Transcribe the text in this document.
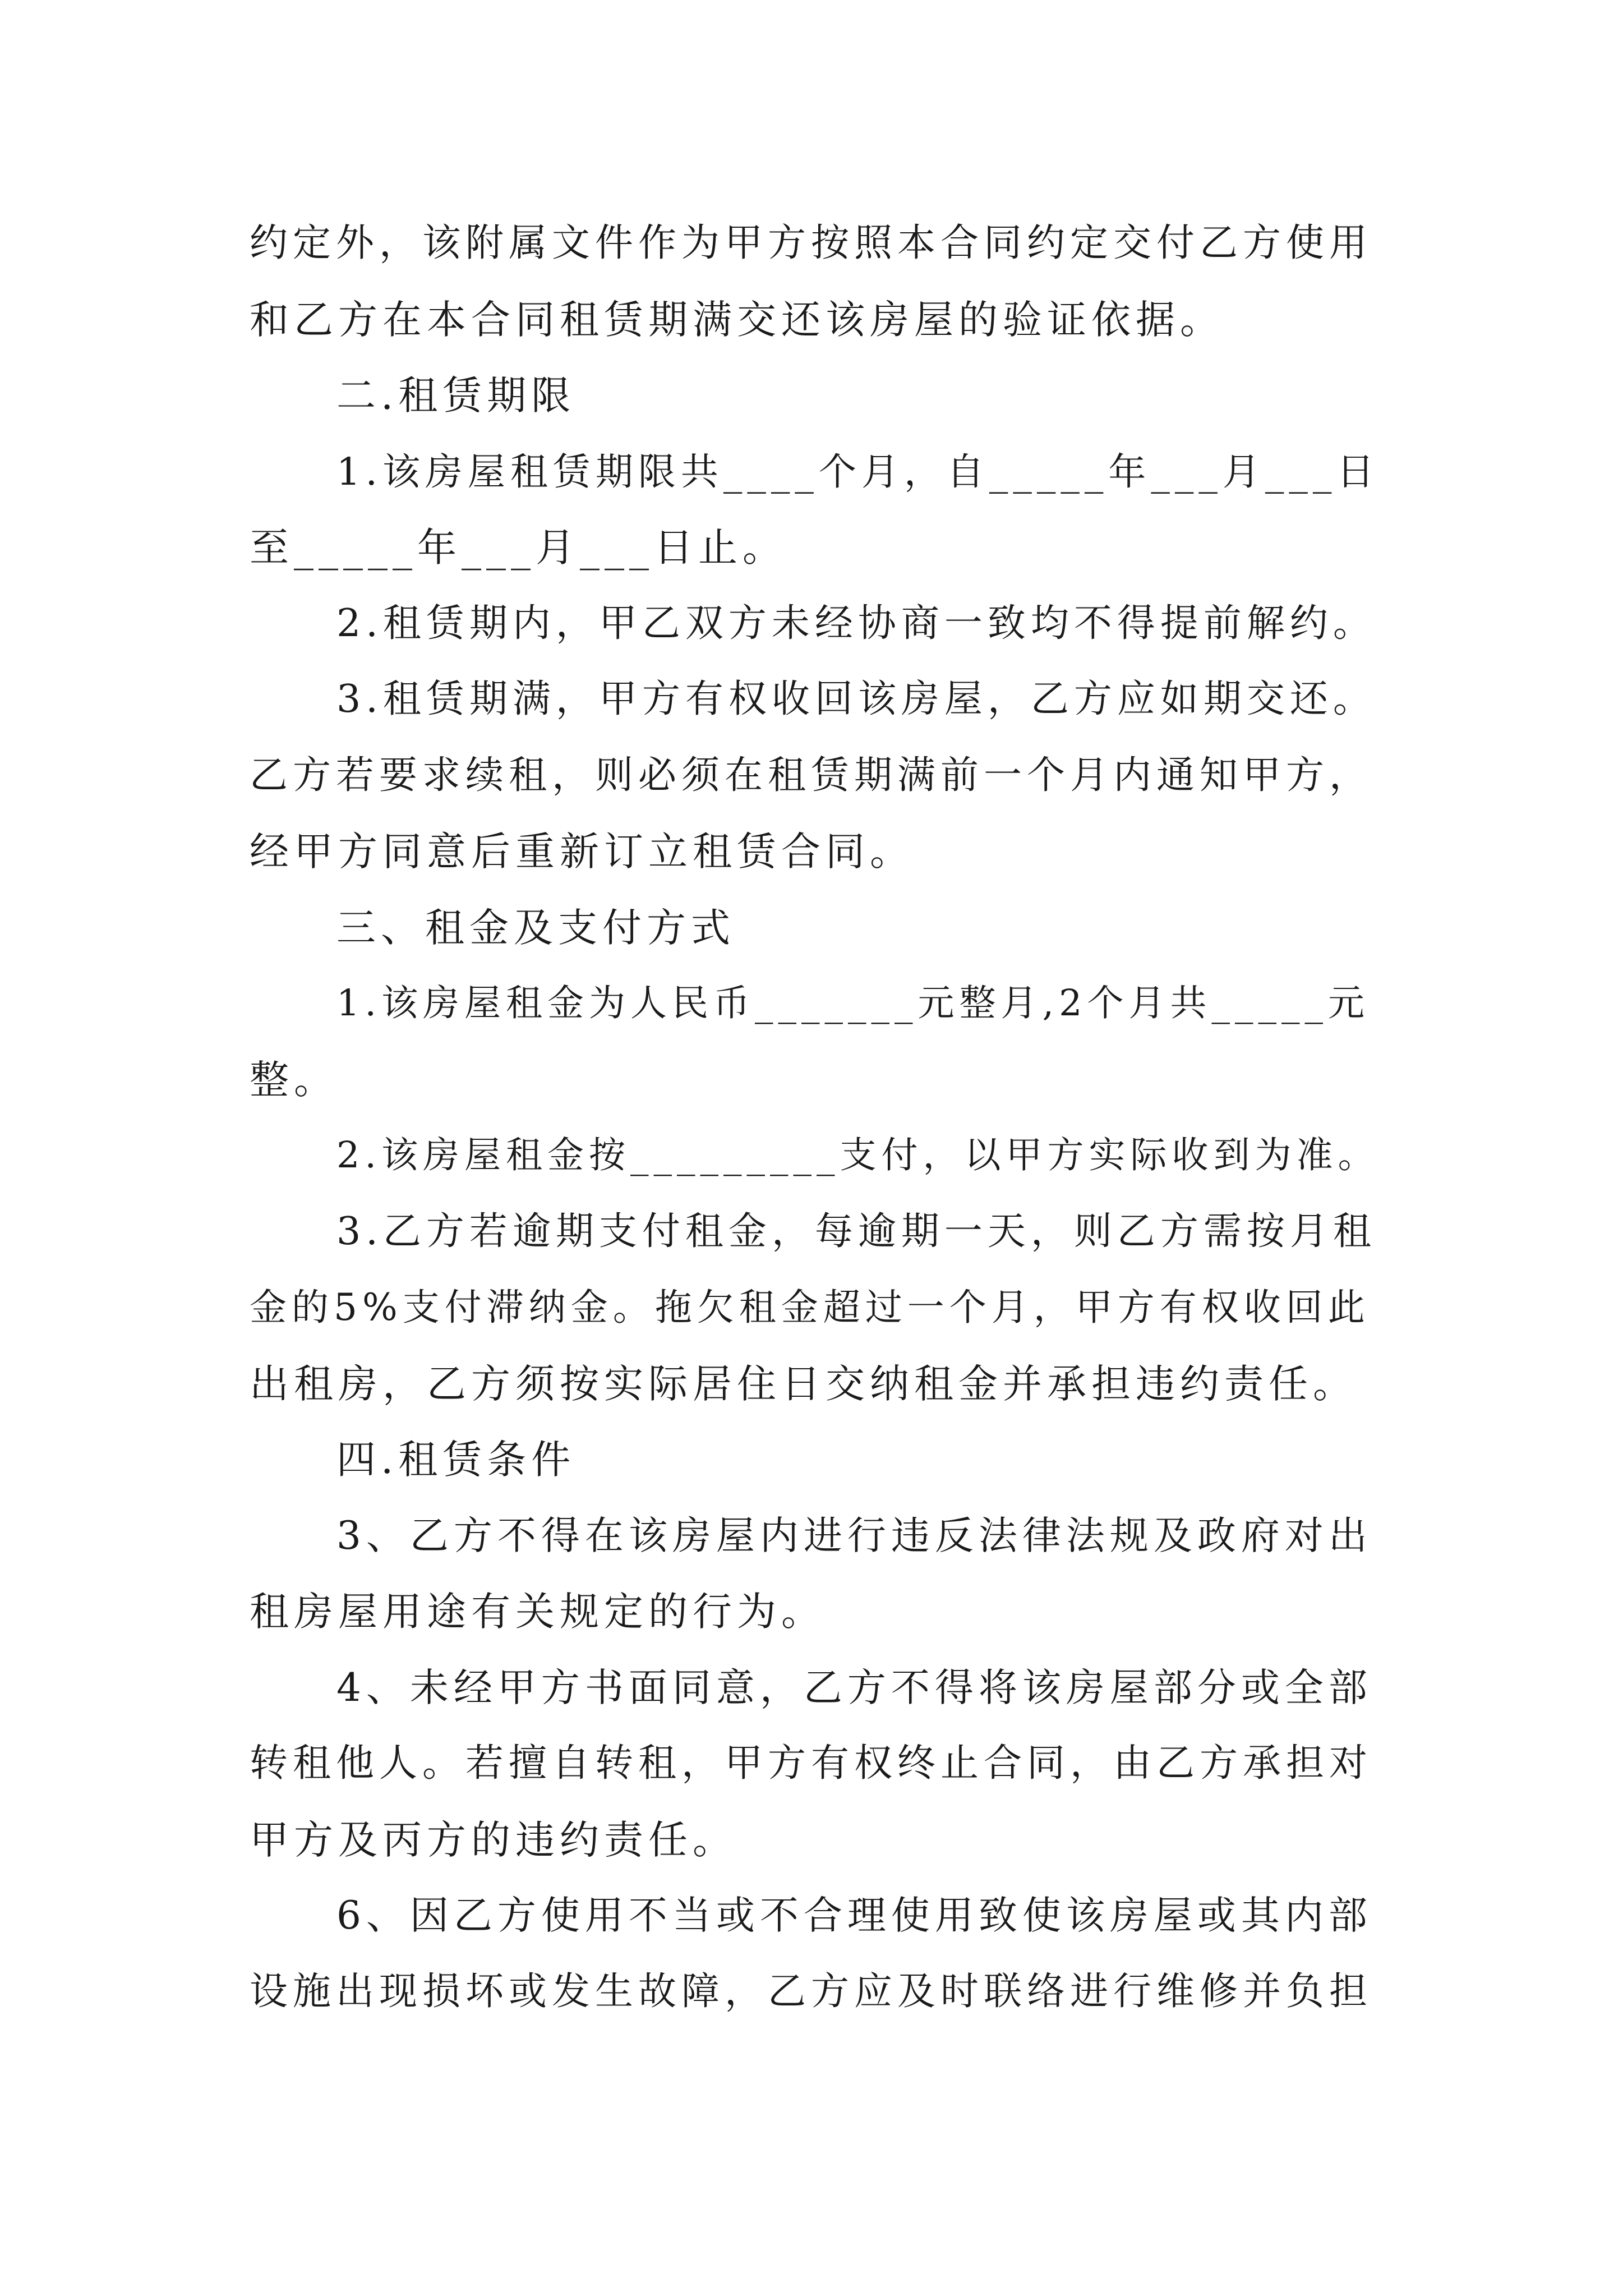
约定外，该附属文件作为甲方按照本合同约定交付乙方使用
和乙方在本合同租赁期满交还该房屋的验证依据。
二.租赁期限
1.该房屋租赁期限共____个月，自_____年___月___日
至_____年___月___日止。
2.租赁期内，甲乙双方未经协商一致均不得提前解约。
3.租赁期满，甲方有权收回该房屋，乙方应如期交还。
乙方若要求续租，则必须在租赁期满前一个月内通知甲方，
经甲方同意后重新订立租赁合同。
三、租金及支付方式
1.该房屋租金为人民币_______元整月,2个月共_____元
整。
2.该房屋租金按_________支付，以甲方实际收到为准。
3.乙方若逾期支付租金，每逾期一天，则乙方需按月租
金的5%支付滞纳金。拖欠租金超过一个月，甲方有权收回此
出租房，乙方须按实际居住日交纳租金并承担违约责任。
四.租赁条件
3、乙方不得在该房屋内进行违反法律法规及政府对出
租房屋用途有关规定的行为。
4、未经甲方书面同意，乙方不得将该房屋部分或全部
转租他人。若擅自转租，甲方有权终止合同，由乙方承担对
甲方及丙方的违约责任。
6、因乙方使用不当或不合理使用致使该房屋或其内部
设施出现损坏或发生故障，乙方应及时联络进行维修并负担
